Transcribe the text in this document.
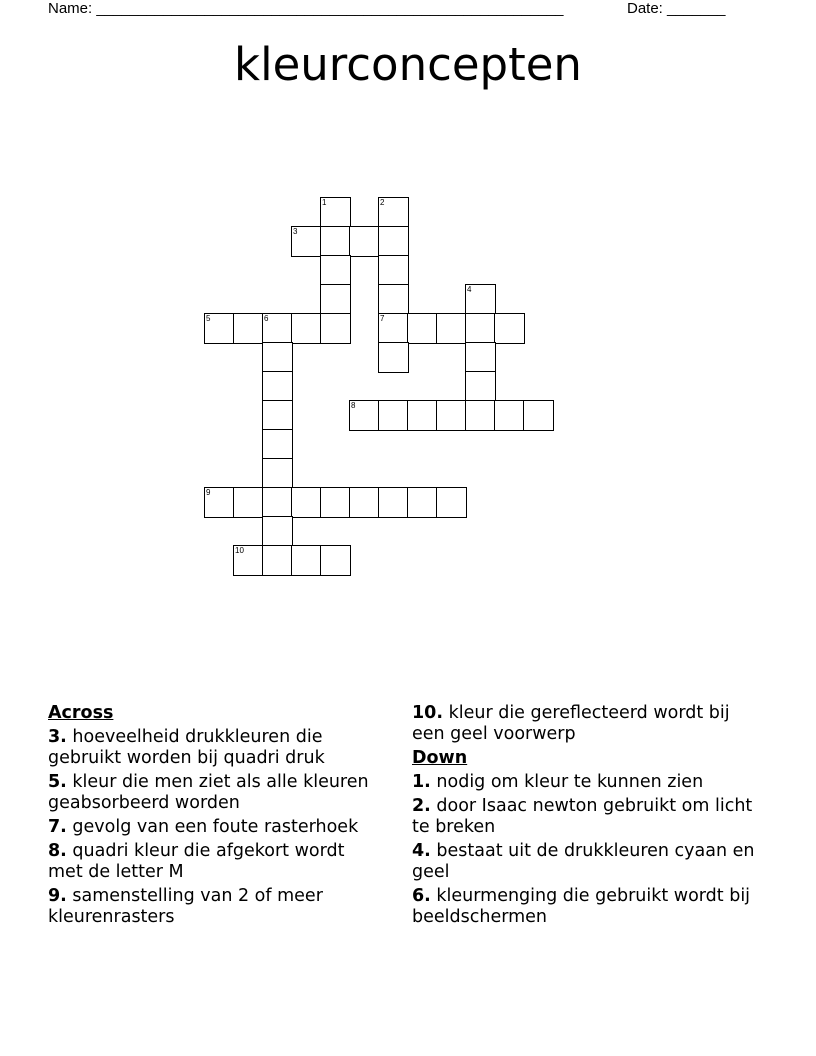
Name: ________________________________________________________	Date: _______
kleurconcepten
1	2
3
4
5	6	7
8
9
10
Across
3. hoeveelheid drukkleuren die gebruikt worden bij quadri druk
5. kleur die men ziet als alle kleuren geabsorbeerd worden
7. gevolg van een foute rasterhoek
8. quadri kleur die afgekort wordt met de letter M
9. samenstelling van 2 of meer kleurenrasters
10. kleur die gereflecteerd wordt bij een geel voorwerp
Down
1. nodig om kleur te kunnen zien
2. door Isaac newton gebruikt om licht te breken
4. bestaat uit de drukkleuren cyaan en geel
6. kleurmenging die gebruikt wordt bij beeldschermen
